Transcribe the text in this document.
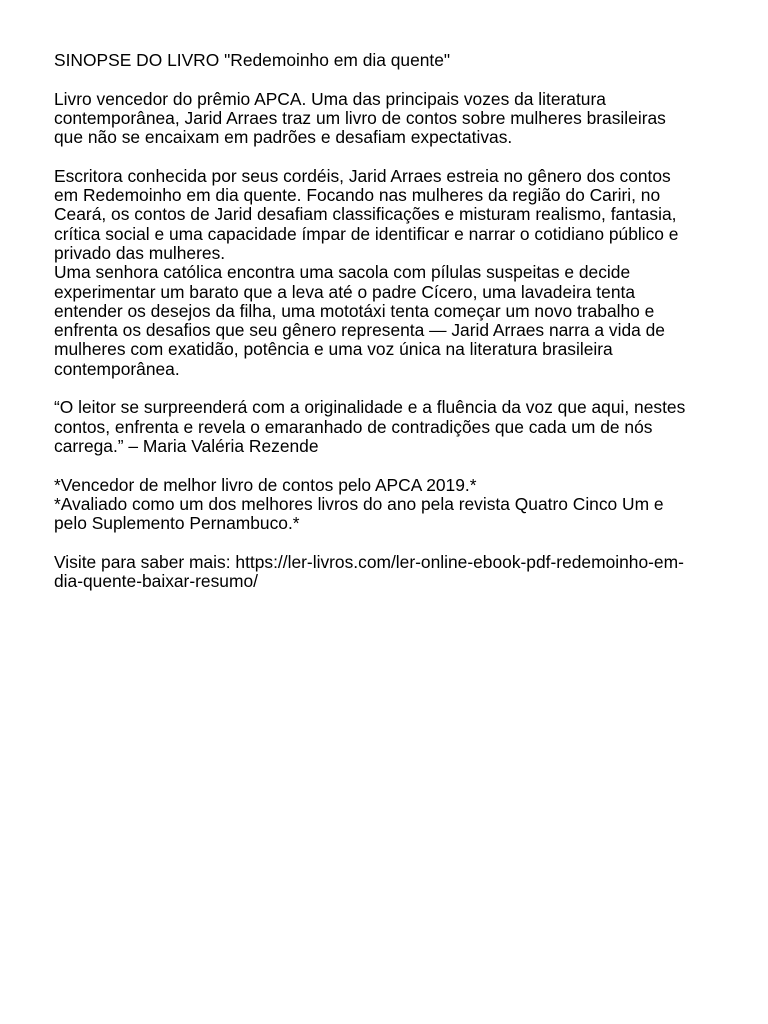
SINOPSE DO LIVRO "Redemoinho em dia quente"
Livro vencedor do prêmio APCA. Uma das principais vozes da literatura
contemporânea, Jarid Arraes traz um livro de contos sobre mulheres brasileiras
que não se encaixam em padrões e desafiam expectativas.
Escritora conhecida por seus cordéis, Jarid Arraes estreia no gênero dos contos
em Redemoinho em dia quente. Focando nas mulheres da região do Cariri, no
Ceará, os contos de Jarid desafiam classificações e misturam realismo, fantasia,
crítica social e uma capacidade ímpar de identificar e narrar o cotidiano público e
privado das mulheres.
Uma senhora católica encontra uma sacola com pílulas suspeitas e decide
experimentar um barato que a leva até o padre Cícero, uma lavadeira tenta
entender os desejos da filha, uma mototáxi tenta começar um novo trabalho e
enfrenta os desafios que seu gênero representa — Jarid Arraes narra a vida de
mulheres com exatidão, potência e uma voz única na literatura brasileira
contemporânea.
“O leitor se surpreenderá com a originalidade e a fluência da voz que aqui, nestes
contos, enfrenta e revela o emaranhado de contradições que cada um de nós
carrega.” – Maria Valéria Rezende
*Vencedor de melhor livro de contos pelo APCA 2019.*
*Avaliado como um dos melhores livros do ano pela revista Quatro Cinco Um e
pelo Suplemento Pernambuco.*
Visite para saber mais: https://ler-livros.com/ler-online-ebook-pdf-redemoinho-em-
dia-quente-baixar-resumo/
